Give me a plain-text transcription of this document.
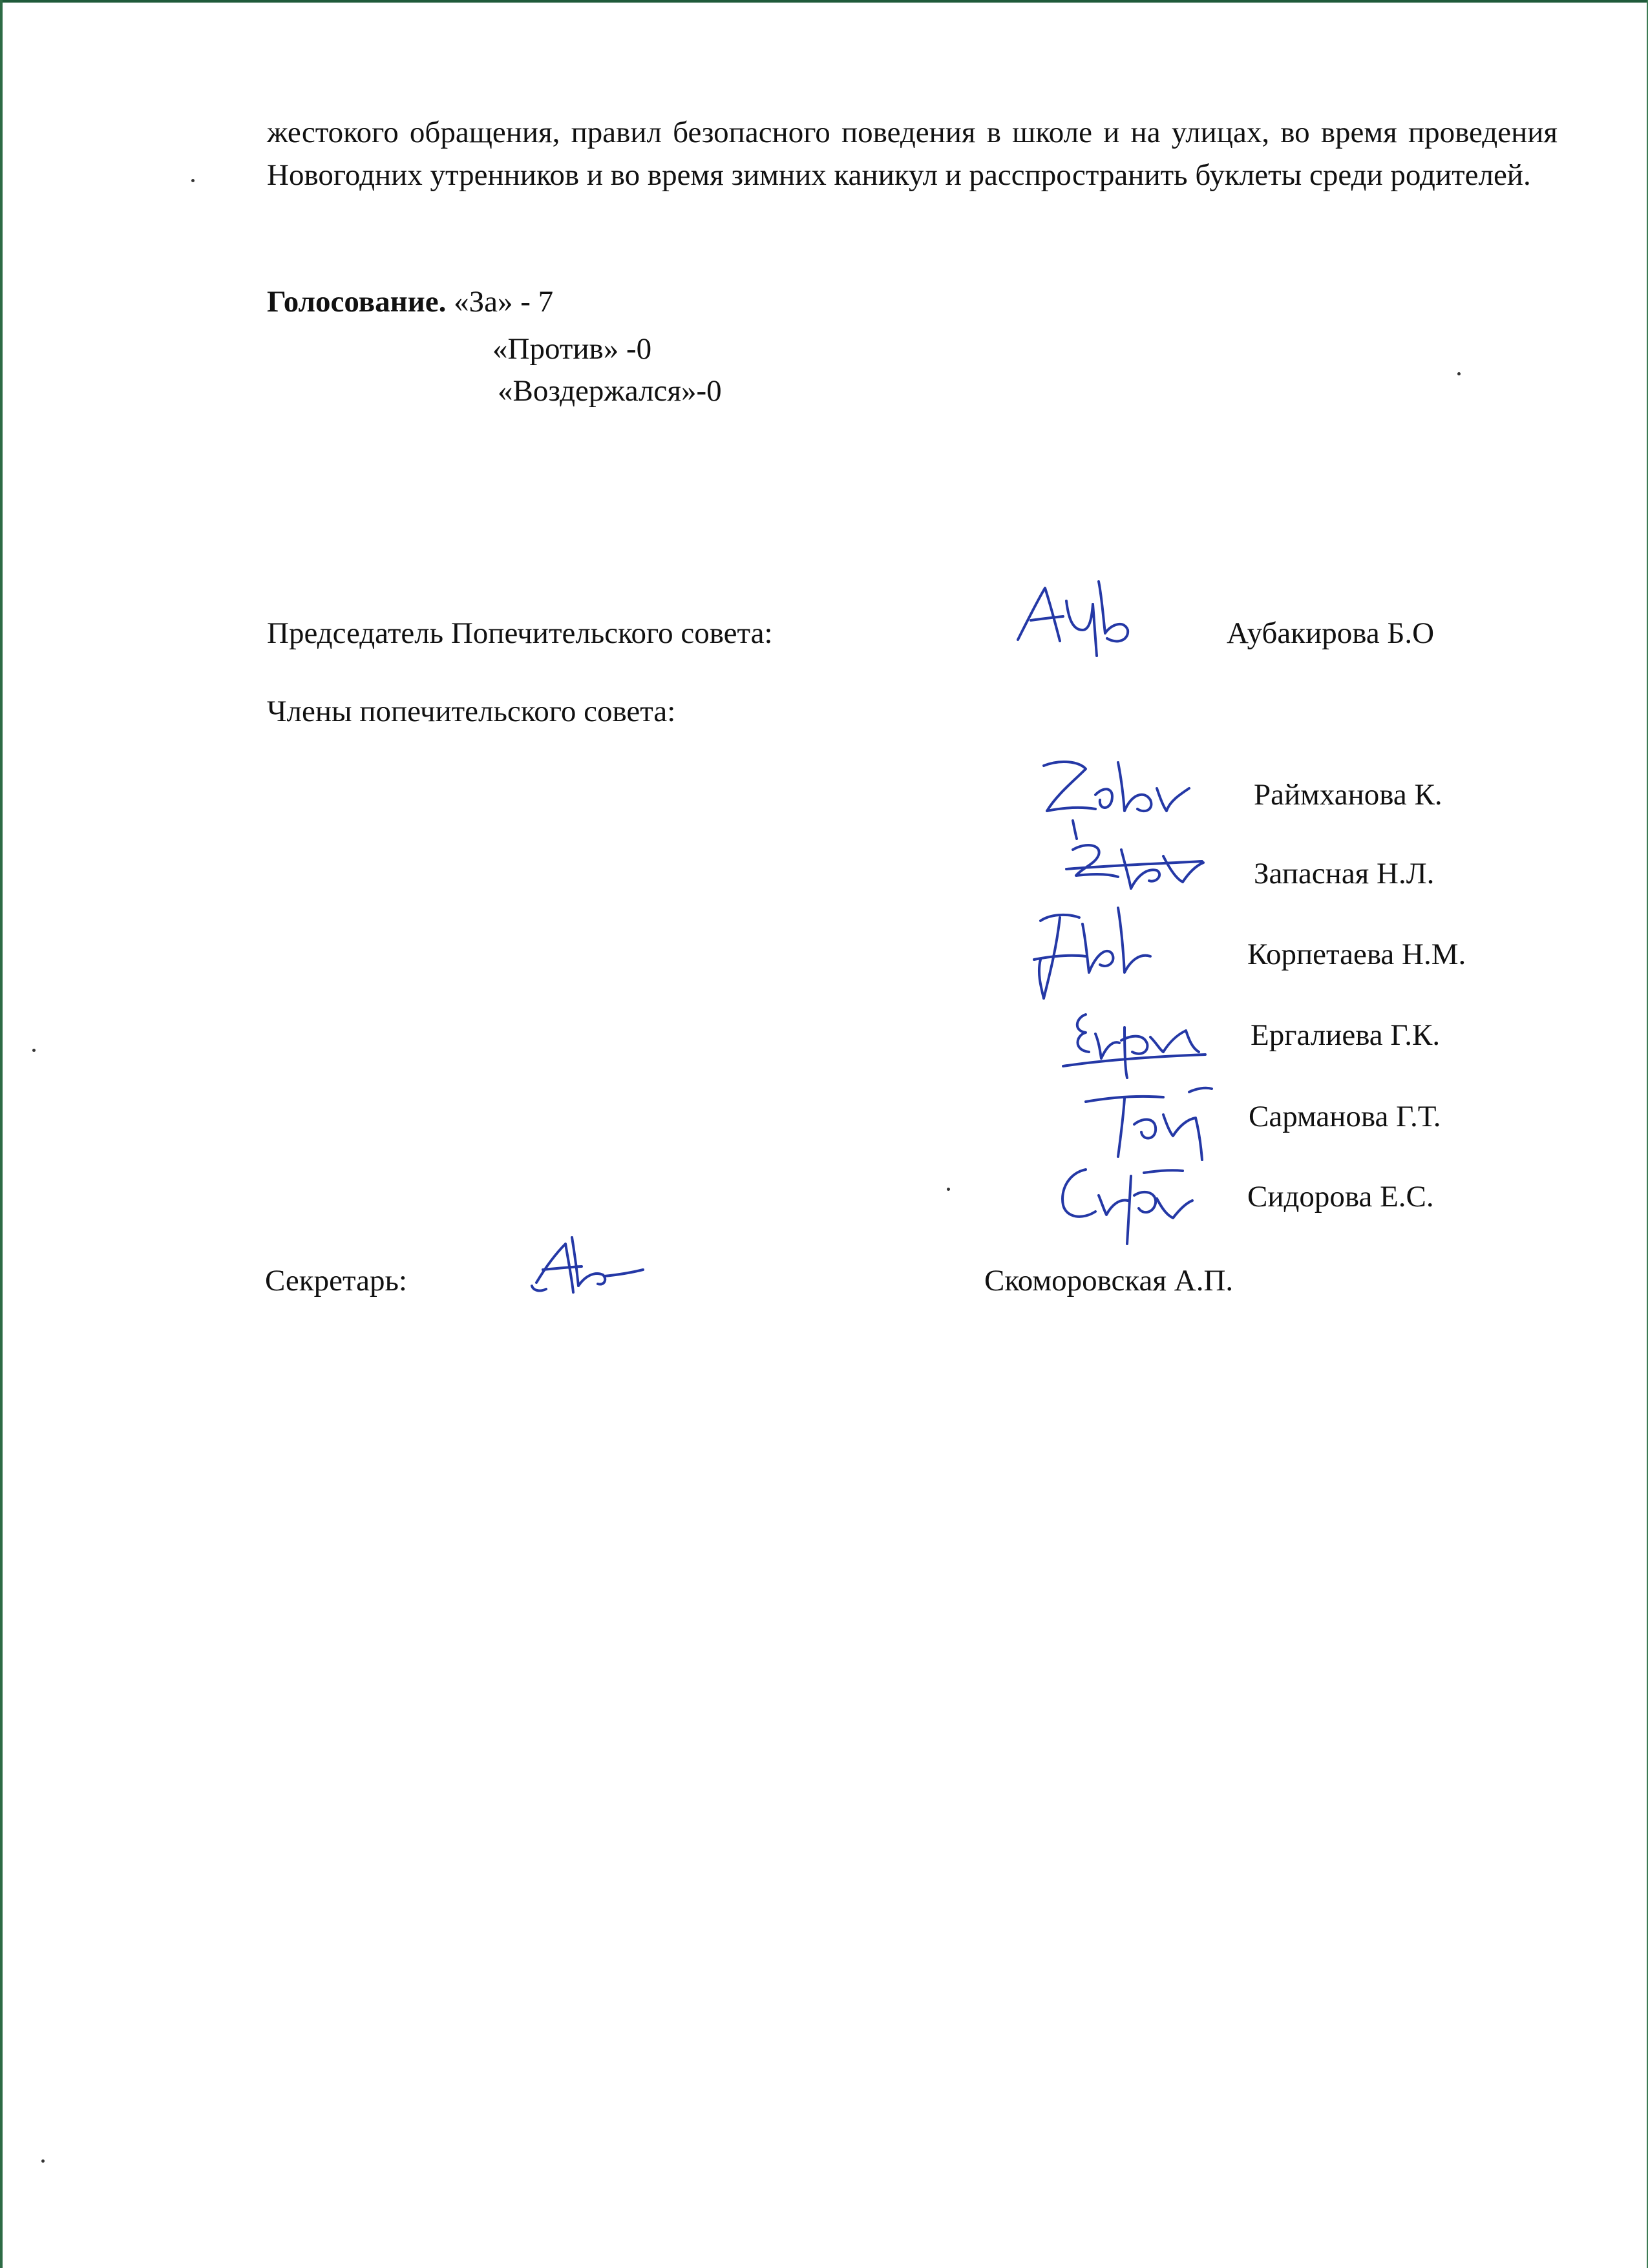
жестокого обращения, правил безопасного поведения в школе и на улицах, во время проведения Новогодних утренников и во время зимних каникул и расспространить буклеты среди родителей.

Голосование. «За» - 7
«Против» -0
«Воздержался»-0
Председатель Попечительского совета:	Аубакирова Б.О
Члены попечительского совета:
Раймханова К.
Запасная Н.Л.
Корпетаева Н.М.
Ергалиева Г.К.
Сарманова Г.Т.
Сидорова Е.С.
Секретарь:	Скоморовская А.П.
